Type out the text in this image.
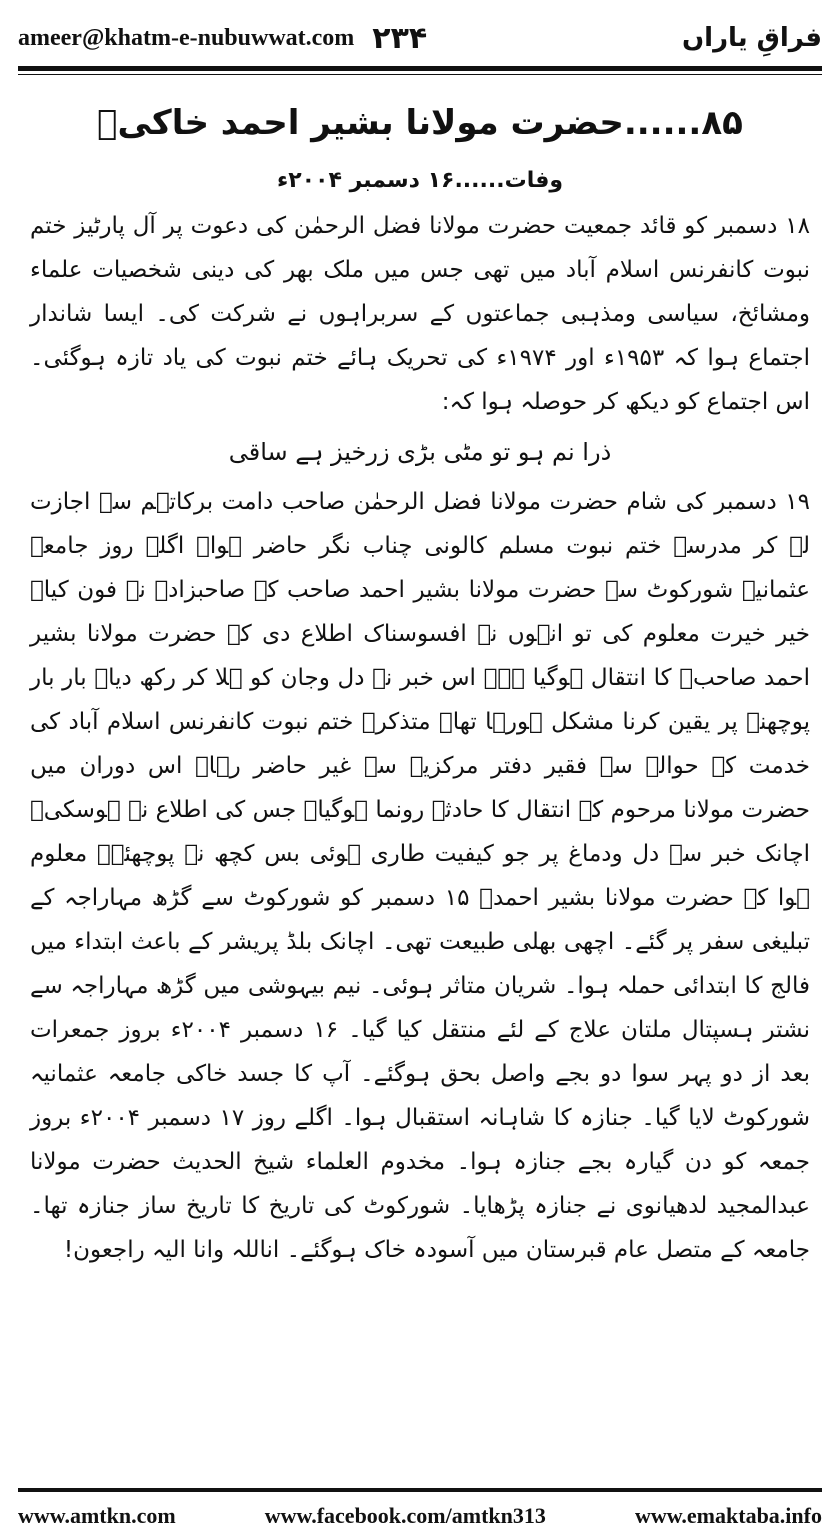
ameer@khatm-e-nubuwwat.com ۲۳۴	فراقِ یاراں
۸۵......حضرت مولانا بشیر احمد خاکیؒ

وفات......۱۶ دسمبر ۲۰۰۴ء

۱۸ دسمبر کو قائد جمعیت حضرت مولانا فضل الرحمٰن کی دعوت پر آل پارٹیز ختم نبوت کانفرنس اسلام آباد میں تھی جس میں ملک بھر کی دینی شخصیات علماء ومشائخ، سیاسی ومذہبی جماعتوں کے سربراہوں نے شرکت کی۔ ایسا شاندار اجتماع ہوا کہ ۱۹۵۳ء اور ۱۹۷۴ء کی تحریک ہائے ختم نبوت کی یاد تازہ ہوگئی۔ اس اجتماع کو دیکھ کر حوصلہ ہوا کہ:

ذرا نم ہو تو مٹی بڑی زرخیز ہے ساقی

۱۹ دسمبر کی شام حضرت مولانا فضل الرحمٰن صاحب دامت برکاتہم سے اجازت لے کر مدرسہ ختم نبوت مسلم کالونی چناب نگر حاضر ہوا۔ اگلے روز جامعہ عثمانیہ شورکوٹ سے حضرت مولانا بشیر احمد صاحب کے صاحبزادہ نے فون کیا۔ خیر خیرت معلوم کی تو انہوں نے افسوسناک اطلاع دی کہ حضرت مولانا بشیر احمد صاحبؒ کا انتقال ہوگیا ہے۔ اس خبر نے دل وجان کو ہلا کر رکھ دیا۔ بار بار پوچھنے پر یقین کرنا مشکل ہورہا تھا۔ متذکرہ ختم نبوت کانفرنس اسلام آباد کی خدمت کے حوالے سے فقیر دفتر مرکزیہ سے غیر حاضر رہا۔ اس دوران میں حضرت مولانا مرحوم کے انتقال کا حادثہ رونما ہوگیا۔ جس کی اطلاع نہ ہوسکی۔ اچانک خبر سے دل ودماغ پر جو کیفیت طاری ہوئی بس کچھ نہ پوچھئے۔ معلوم ہوا کہ حضرت مولانا بشیر احمدؒ ۱۵ دسمبر کو شورکوٹ سے گڑھ مہاراجہ کے تبلیغی سفر پر گئے۔ اچھی بھلی طبیعت تھی۔ اچانک بلڈ پریشر کے باعث ابتداء میں فالج کا ابتدائی حملہ ہوا۔ شریان متاثر ہوئی۔ نیم بیہوشی میں گڑھ مہاراجہ سے نشتر ہسپتال ملتان علاج کے لئے منتقل کیا گیا۔ ۱۶ دسمبر ۲۰۰۴ء بروز جمعرات بعد از دو پہر سوا دو بجے واصل بحق ہوگئے۔ آپ کا جسد خاکی جامعہ عثمانیہ شورکوٹ لایا گیا۔ جنازہ کا شاہانہ استقبال ہوا۔ اگلے روز ۱۷ دسمبر ۲۰۰۴ء بروز جمعہ کو دن گیارہ بجے جنازہ ہوا۔ مخدوم العلماء شیخ الحدیث حضرت مولانا عبدالمجید لدھیانوی نے جنازہ پڑھایا۔ شورکوٹ کی تاریخ کا تاریخ ساز جنازہ تھا۔ جامعہ کے متصل عام قبرستان میں آسودہ خاک ہوگئے۔ اناللہ وانا الیہ راجعون!

www.amtkn.com	www.facebook.com/amtkn313	www.emaktaba.info
